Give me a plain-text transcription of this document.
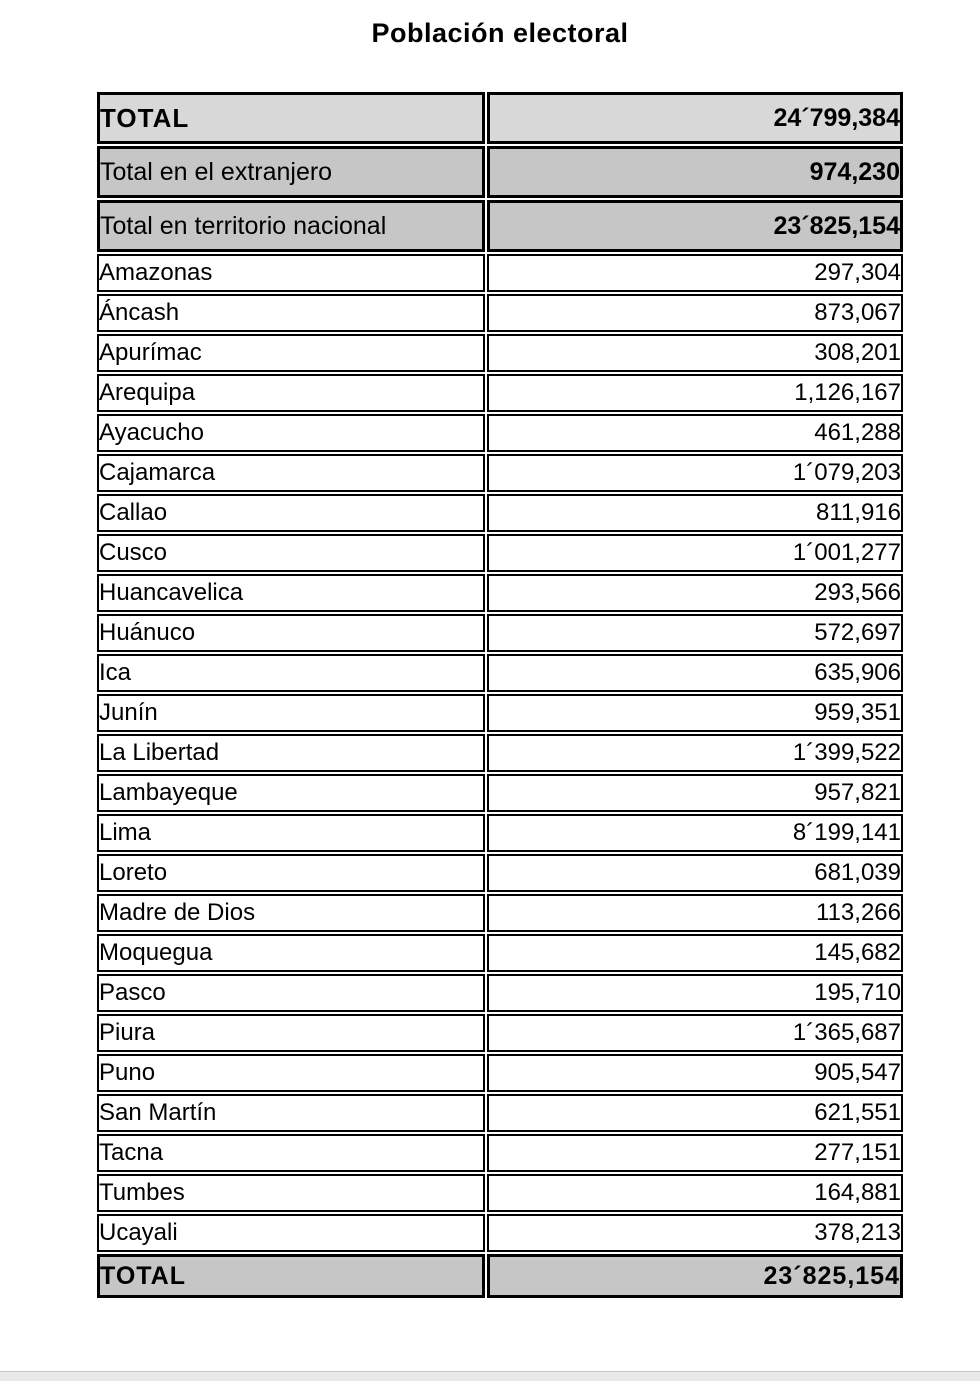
Población electoral
TOTAL	24´799,384
Total en el extranjero	974,230
Total en territorio nacional	23´825,154
Amazonas	297,304
Áncash	873,067
Apurímac	308,201
Arequipa	1,126,167
Ayacucho	461,288
Cajamarca	1´079,203
Callao	811,916
Cusco	1´001,277
Huancavelica	293,566
Huánuco	572,697
Ica	635,906
Junín	959,351
La Libertad	1´399,522
Lambayeque	957,821
Lima	8´199,141
Loreto	681,039
Madre de Dios	113,266
Moquegua	145,682
Pasco	195,710
Piura	1´365,687
Puno	905,547
San Martín	621,551
Tacna	277,151
Tumbes	164,881
Ucayali	378,213
TOTAL	23´825,154
